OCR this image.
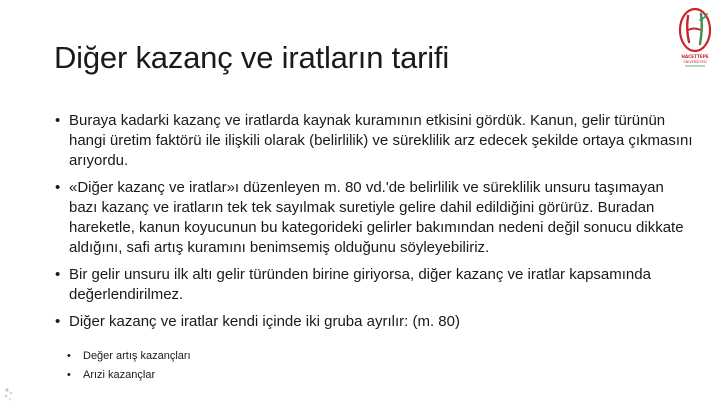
Diğer kazanç ve iratların tarifi	HACETTEPE
ÜNİVERSİTESİ
• Buraya kadarki kazanç ve iratlarda kaynak kuramının etkisini gördük. Kanun, gelir türünün hangi üretim faktörü ile ilişkili olarak (belirlilik) ve süreklilik arz edecek şekilde ortaya çıkmasını arıyordu.
• «Diğer kazanç ve iratlar»ı düzenleyen m. 80 vd.'de belirlilik ve süreklilik unsuru taşımayan bazı kazanç ve iratların tek tek sayılmak suretiyle gelire dahil edildiğini görürüz. Buradan hareketle, kanun koyucunun bu kategorideki gelirler bakımından nedeni değil sonucu dikkate aldığını, safi artış kuramını benimsemiş olduğunu söyleyebiliriz.
• Bir gelir unsuru ilk altı gelir türünden birine giriyorsa, diğer kazanç ve iratlar kapsamında değerlendirilmez.
• Diğer kazanç ve iratlar kendi içinde iki gruba ayrılır: (m. 80)
• Değer artış kazançları
• Arızi kazançlar
